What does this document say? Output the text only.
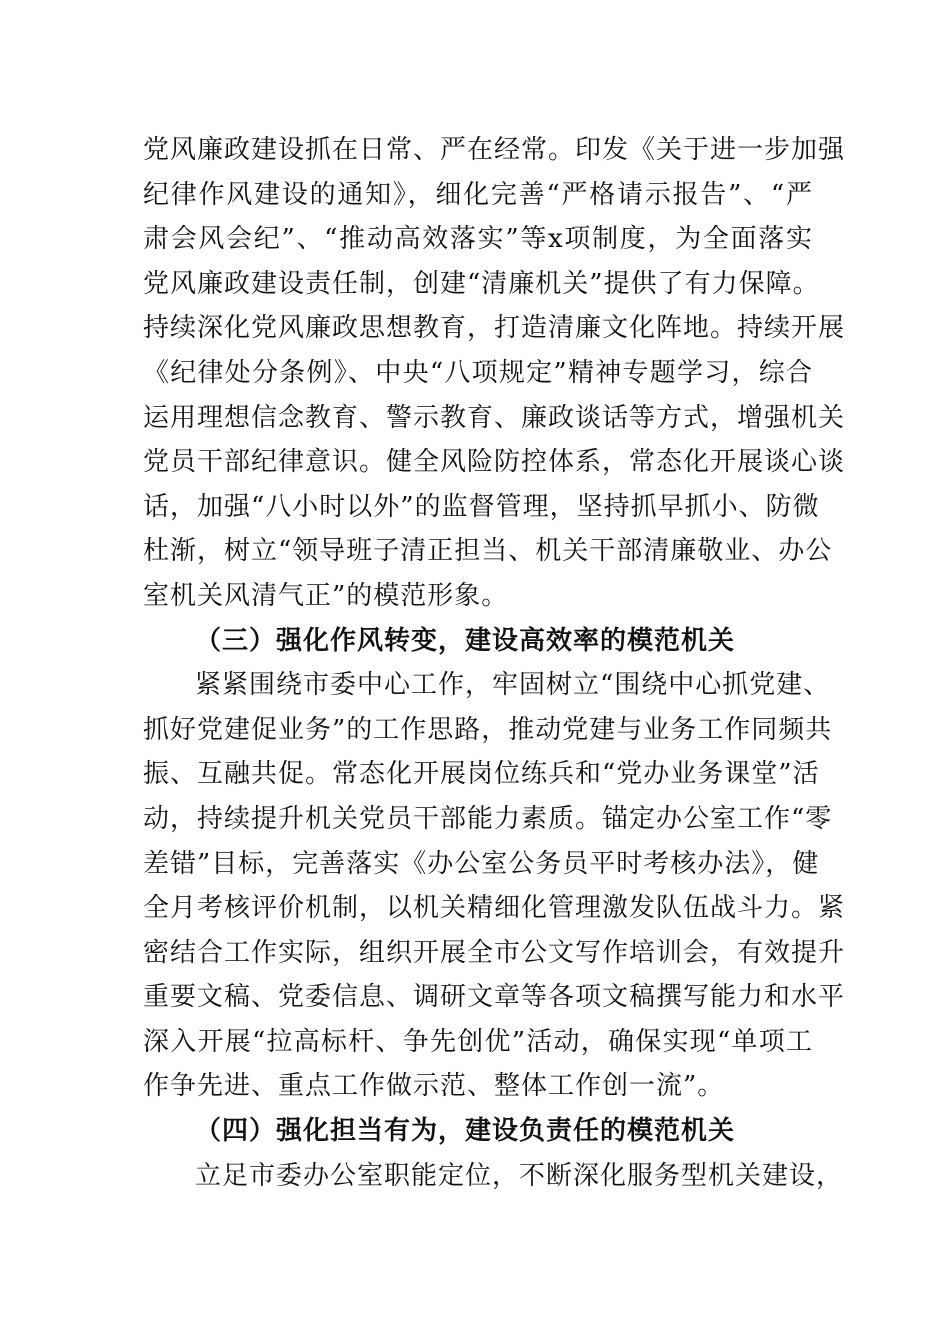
党风廉政建设抓在日常、严在经常。印发《关于进一步加强
纪律作风建设的通知》，细化完善“严格请示报告”、“严
肃会风会纪”、“推动高效落实”等x项制度，为全面落实
党风廉政建设责任制，创建“清廉机关”提供了有力保障。
持续深化党风廉政思想教育，打造清廉文化阵地。持续开展
《纪律处分条例》、中央“八项规定”精神专题学习，综合
运用理想信念教育、警示教育、廉政谈话等方式，增强机关
党员干部纪律意识。健全风险防控体系，常态化开展谈心谈
话，加强“八小时以外”的监督管理，坚持抓早抓小、防微
杜渐，树立“领导班子清正担当、机关干部清廉敬业、办公
室机关风清气正”的模范形象。
（三）强化作风转变，建设高效率的模范机关
紧紧围绕市委中心工作，牢固树立“围绕中心抓党建、
抓好党建促业务”的工作思路，推动党建与业务工作同频共
振、互融共促。常态化开展岗位练兵和“党办业务课堂”活
动，持续提升机关党员干部能力素质。锚定办公室工作“零
差错”目标，完善落实《办公室公务员平时考核办法》，健
全月考核评价机制，以机关精细化管理激发队伍战斗力。紧
密结合工作实际，组织开展全市公文写作培训会，有效提升
重要文稿、党委信息、调研文章等各项文稿撰写能力和水平
深入开展“拉高标杆、争先创优”活动，确保实现“单项工
作争先进、重点工作做示范、整体工作创一流”。
（四）强化担当有为，建设负责任的模范机关
立足市委办公室职能定位，不断深化服务型机关建设，
